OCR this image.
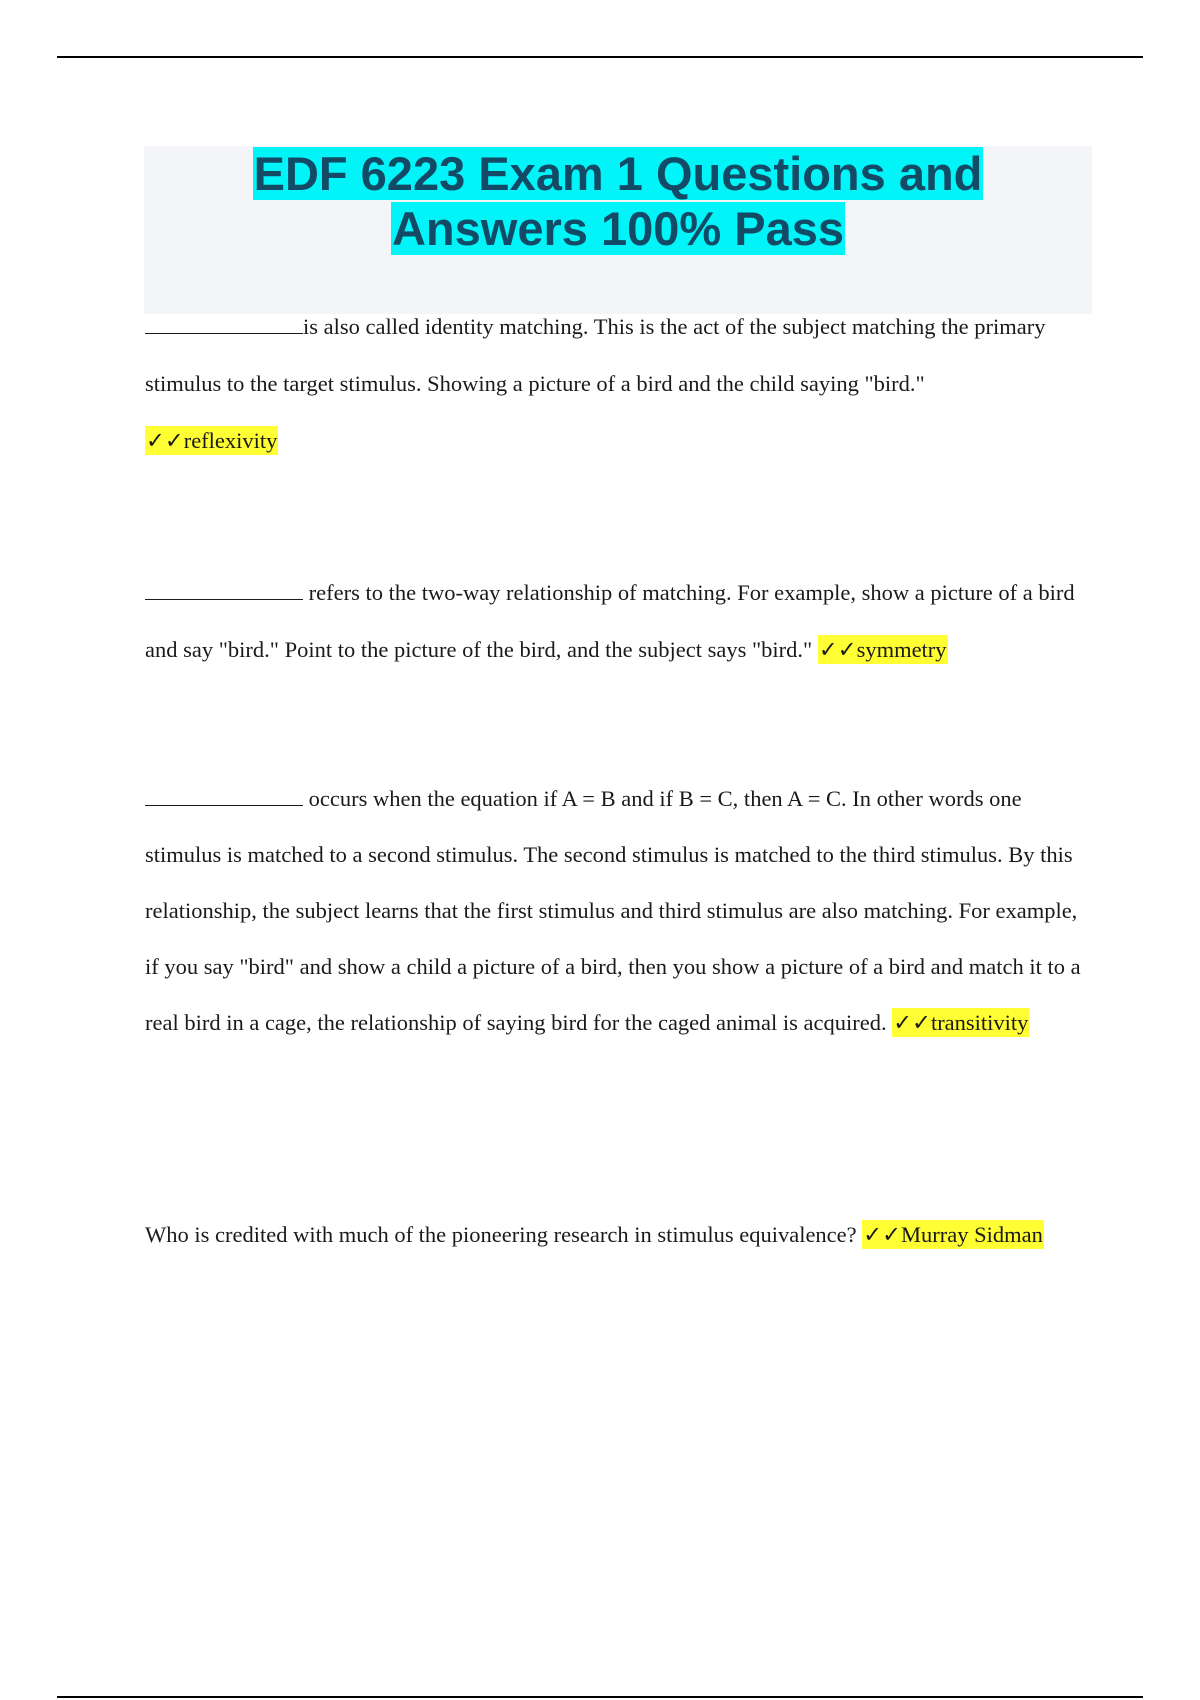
EDF 6223 Exam 1 Questions and
Answers 100% Pass
is also called identity matching. This is the act of the subject matching the primary stimulus to the target stimulus. Showing a picture of a bird and the child saying "bird."
✓✓reflexivity
refers to the two-way relationship of matching. For example, show a picture of a bird and say "bird." Point to the picture of the bird, and the subject says "bird." ✓✓symmetry
occurs when the equation if A = B and if B = C, then A = C. In other words one stimulus is matched to a second stimulus. The second stimulus is matched to the third stimulus. By this relationship, the subject learns that the first stimulus and third stimulus are also matching. For example, if you say "bird" and show a child a picture of a bird, then you show a picture of a bird and match it to a real bird in a cage, the relationship of saying bird for the caged animal is acquired. ✓✓transitivity
Who is credited with much of the pioneering research in stimulus equivalence? ✓✓Murray Sidman
